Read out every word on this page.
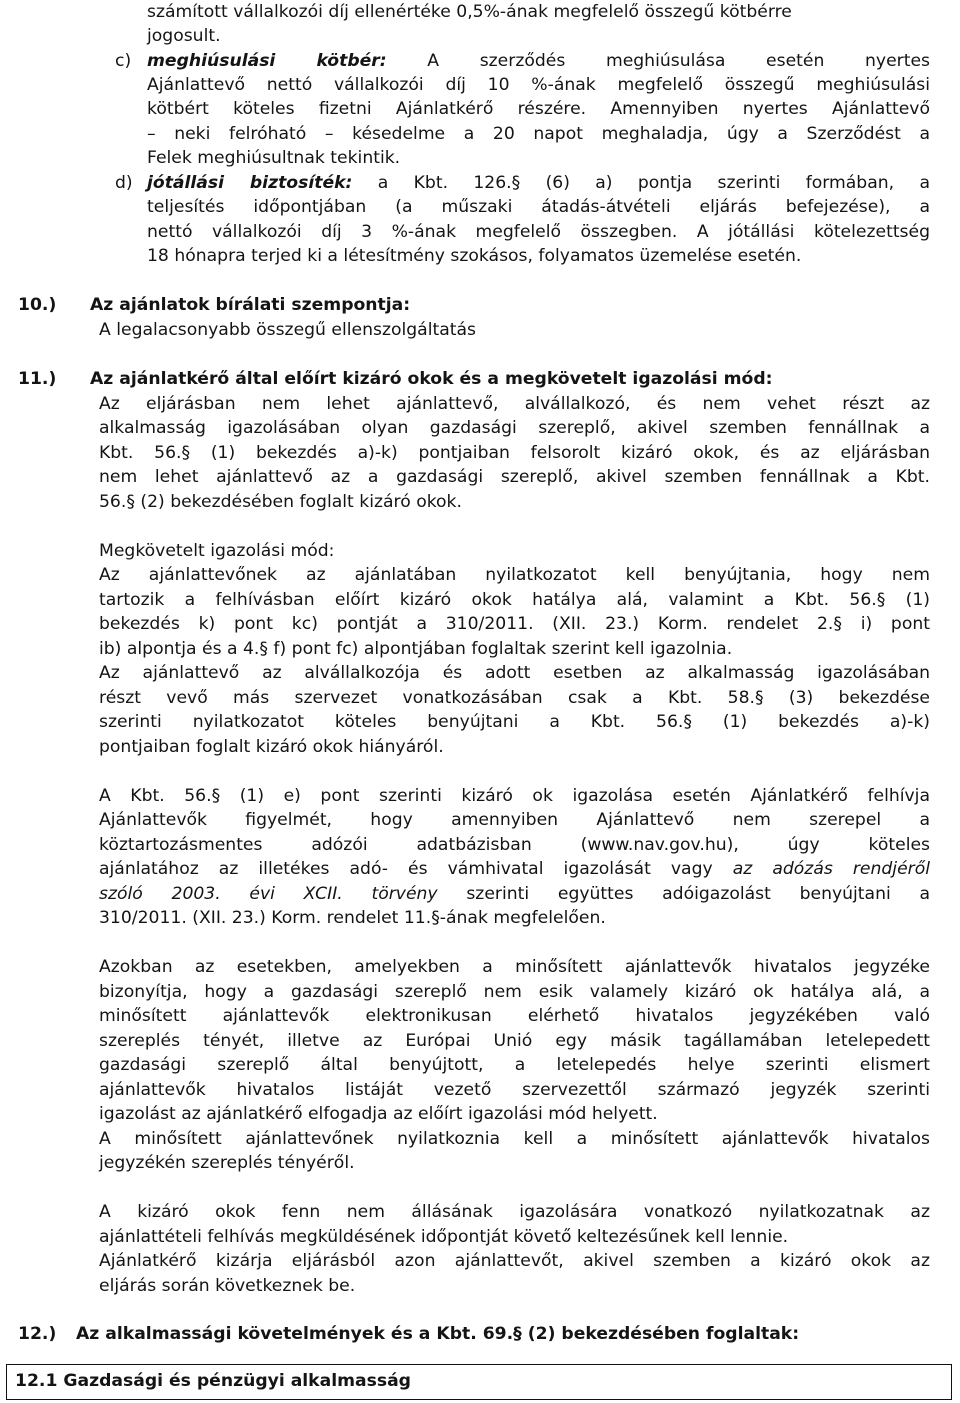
számított vállalkozói díj ellenértéke 0,5%-ának megfelelő összegű kötbérre

jogosult.

c) meghiúsulási kötbér: A szerződés meghiúsulása esetén nyertes

Ajánlattevő nettó vállalkozói díj 10 %-ának megfelelő összegű meghiúsulási

kötbért köteles fizetni Ajánlatkérő részére. Amennyiben nyertes Ajánlattevő

– neki felróható – késedelme a 20 napot meghaladja, úgy a Szerződést a

Felek meghiúsultnak tekintik.

d) jótállási biztosíték: a Kbt. 126.§ (6) a) pontja szerinti formában, a

teljesítés időpontjában (a műszaki átadás-átvételi eljárás befejezése), a

nettó vállalkozói díj 3 %-ának megfelelő összegben. A jótállási kötelezettség

18 hónapra terjed ki a létesítmény szokásos, folyamatos üzemelése esetén.

10.)	Az ajánlatok bírálati szempontja:

A legalacsonyabb összegű ellenszolgáltatás

11.)	Az ajánlatkérő által előírt kizáró okok és a megkövetelt igazolási mód:

Az eljárásban nem lehet ajánlattevő, alvállalkozó, és nem vehet részt az

alkalmasság igazolásában olyan gazdasági szereplő, akivel szemben fennállnak a

Kbt. 56.§ (1) bekezdés a)-k) pontjaiban felsorolt kizáró okok, és az eljárásban

nem lehet ajánlattevő az a gazdasági szereplő, akivel szemben fennállnak a Kbt.

56.§ (2) bekezdésében foglalt kizáró okok.

Megkövetelt igazolási mód:

Az ajánlattevőnek az ajánlatában nyilatkozatot kell benyújtania, hogy nem

tartozik a felhívásban előírt kizáró okok hatálya alá, valamint a Kbt. 56.§ (1)

bekezdés k) pont kc) pontját a 310/2011. (XII. 23.) Korm. rendelet 2.§ i) pont

ib) alpontja és a 4.§ f) pont fc) alpontjában foglaltak szerint kell igazolnia.

Az ajánlattevő az alvállalkozója és adott esetben az alkalmasság igazolásában

részt vevő más szervezet vonatkozásában csak a Kbt. 58.§ (3) bekezdése

szerinti nyilatkozatot köteles benyújtani a Kbt. 56.§ (1) bekezdés a)-k)

pontjaiban foglalt kizáró okok hiányáról.

A Kbt. 56.§ (1) e) pont szerinti kizáró ok igazolása esetén Ajánlatkérő felhívja

Ajánlattevők figyelmét, hogy amennyiben Ajánlattevő nem szerepel a

köztartozásmentes adózói adatbázisban (www.nav.gov.hu), úgy köteles

ajánlatához az illetékes adó- és vámhivatal igazolását vagy az adózás rendjéről

szóló 2003. évi XCII. törvény szerinti együttes adóigazolást benyújtani a

310/2011. (XII. 23.) Korm. rendelet 11.§-ának megfelelően.

Azokban az esetekben, amelyekben a minősített ajánlattevők hivatalos jegyzéke

bizonyítja, hogy a gazdasági szereplő nem esik valamely kizáró ok hatálya alá, a

minősített ajánlattevők elektronikusan elérhető hivatalos jegyzékében való

szereplés tényét, illetve az Európai Unió egy másik tagállamában letelepedett

gazdasági szereplő által benyújtott, a letelepedés helye szerinti elismert

ajánlattevők hivatalos listáját vezető szervezettől származó jegyzék szerinti

igazolást az ajánlatkérő elfogadja az előírt igazolási mód helyett.

A minősített ajánlattevőnek nyilatkoznia kell a minősített ajánlattevők hivatalos

jegyzékén szereplés tényéről.

A kizáró okok fenn nem állásának igazolására vonatkozó nyilatkozatnak az

ajánlattételi felhívás megküldésének időpontját követő keltezésűnek kell lennie.

Ajánlatkérő kizárja eljárásból azon ajánlattevőt, akivel szemben a kizáró okok az

eljárás során következnek be.

12.)	Az alkalmassági követelmények és a Kbt. 69.§ (2) bekezdésében foglaltak:
12.1 Gazdasági és pénzügyi alkalmasság
